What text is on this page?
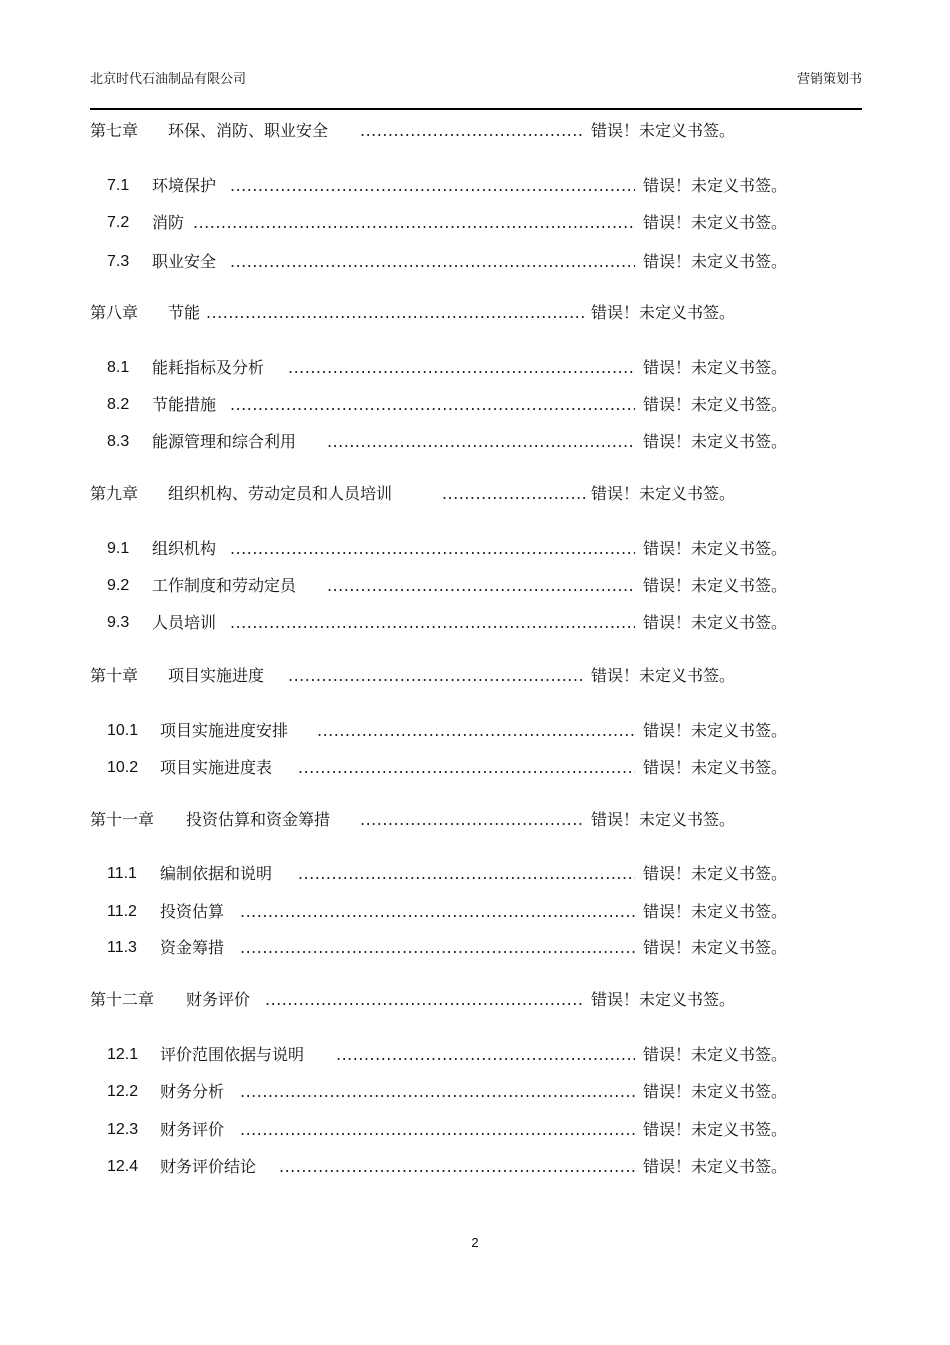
北京时代石油制品有限公司	营销策划书
第七章 环保、消防、职业安全 .....	错误！未定义书签。
7.1 环境保护 .....	错误！未定义书签。
7.2 消防 .....	错误！未定义书签。
7.3 职业安全 .....	错误！未定义书签。
第八章 节能 .....	错误！未定义书签。
8.1 能耗指标及分析 .....	错误！未定义书签。
8.2 节能措施 .....	错误！未定义书签。
8.3 能源管理和综合利用 .....	错误！未定义书签。
第九章 组织机构、劳动定员和人员培训 .....	错误！未定义书签。
9.1 组织机构 .....	错误！未定义书签。
9.2 工作制度和劳动定员 .....	错误！未定义书签。
9.3 人员培训 .....	错误！未定义书签。
第十章 项目实施进度 .....	错误！未定义书签。
10.1 项目实施进度安排 .....	错误！未定义书签。
10.2 项目实施进度表 .....	错误！未定义书签。
第十一章 投资估算和资金筹措 .....	错误！未定义书签。
11.1 编制依据和说明 .....	错误！未定义书签。
11.2 投资估算 .....	错误！未定义书签。
11.3 资金筹措 .....	错误！未定义书签。
第十二章 财务评价 .....	错误！未定义书签。
12.1 评价范围依据与说明 .....	错误！未定义书签。
12.2 财务分析 .....	错误！未定义书签。
12.3 财务评价 .....	错误！未定义书签。
12.4 财务评价结论 .....	错误！未定义书签。
2
